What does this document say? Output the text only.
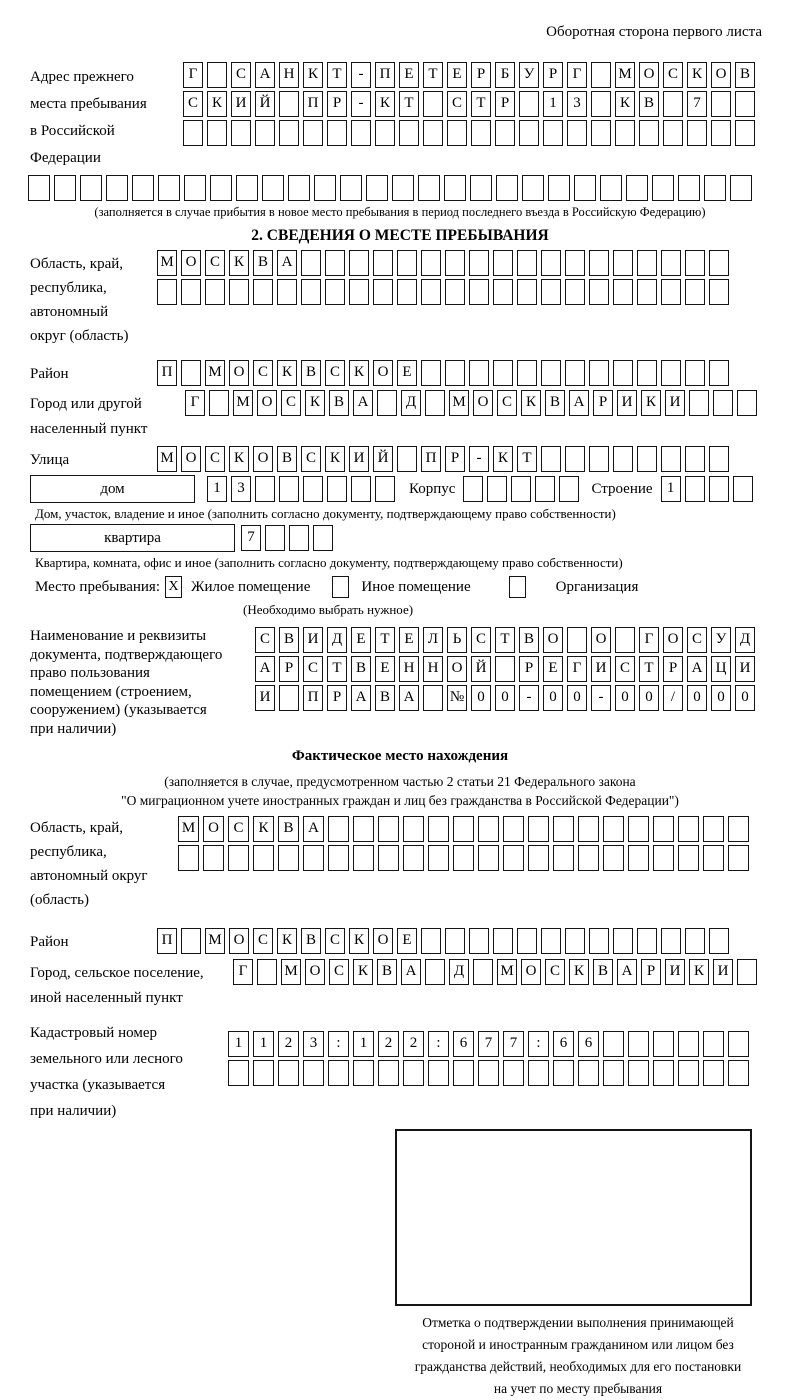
Оборотная сторона первого листа
Адрес прежнего
места пребывания
в Российской
Федерации
Г	С А Н К Т	-	П Е Т Е	Р	Б У Р	Г	М О С К О В
С К И Й	П Р	-	К Т	С Т	Р	1	3	К В	7
(заполняется в случае прибытия в новое место пребывания в период последнего въезда в Российскую Федерацию)
2. СВЕДЕНИЯ О МЕСТЕ ПРЕБЫВАНИЯ
Область, край,
республика,
автономный
округ (область)
М О С К В А
Район	П	М О С К В С К О Е
Город или другой
населенный пункт
Г	М О С К В А	Д	М О С К В А Р И К И
Улица	М О С К О В С К И Й	П Р	-	К Т
дом	1	3	Корпус	Строение 1
Дом, участок, владение и иное (заполнить согласно документу, подтверждающему право собственности)
квартира	7
Квартира, комната, офис и иное (заполнить согласно документу, подтверждающему право собственности)
Место пребывания: X Жилое помещение	Иное помещение	Организация
(Необходимо выбрать нужное)
Наименование и реквизиты
документа, подтверждающего
право пользования
помещением (строением,
сооружением) (указывается
при наличии)
С В И Д Е Т Е Л Ь С Т В О	О	Г О С У Д
А Р С Т В Е Н Н О Й	Р	Е	Г И С Т	Р А Ц И
И	П Р А В А	№ 0	0	-	0	0	-	0	0	/	0	0	0
Фактическое место нахождения
(заполняется в случае, предусмотренном частью 2 статьи 21 Федерального закона
"О миграционном учете иностранных граждан и лиц без гражданства в Российской Федерации")
Область, край,
республика,
автономный округ
(область)
М О С К В А
Район	П	М О С К В С К О Е
Город, сельское поселение,
иной населенный пункт
Г	М О С К В А	Д	М О С К В А Р И К И
Кадастровый номер
земельного или лесного
участка (указывается
при наличии)
1	1	2	3	:	1	2	2	:	6	7	7	:	6	6
Отметка о подтверждении выполнения принимающей
стороной и иностранным гражданином или лицом без
гражданства действий, необходимых для его постановки
на учет по месту пребывания
